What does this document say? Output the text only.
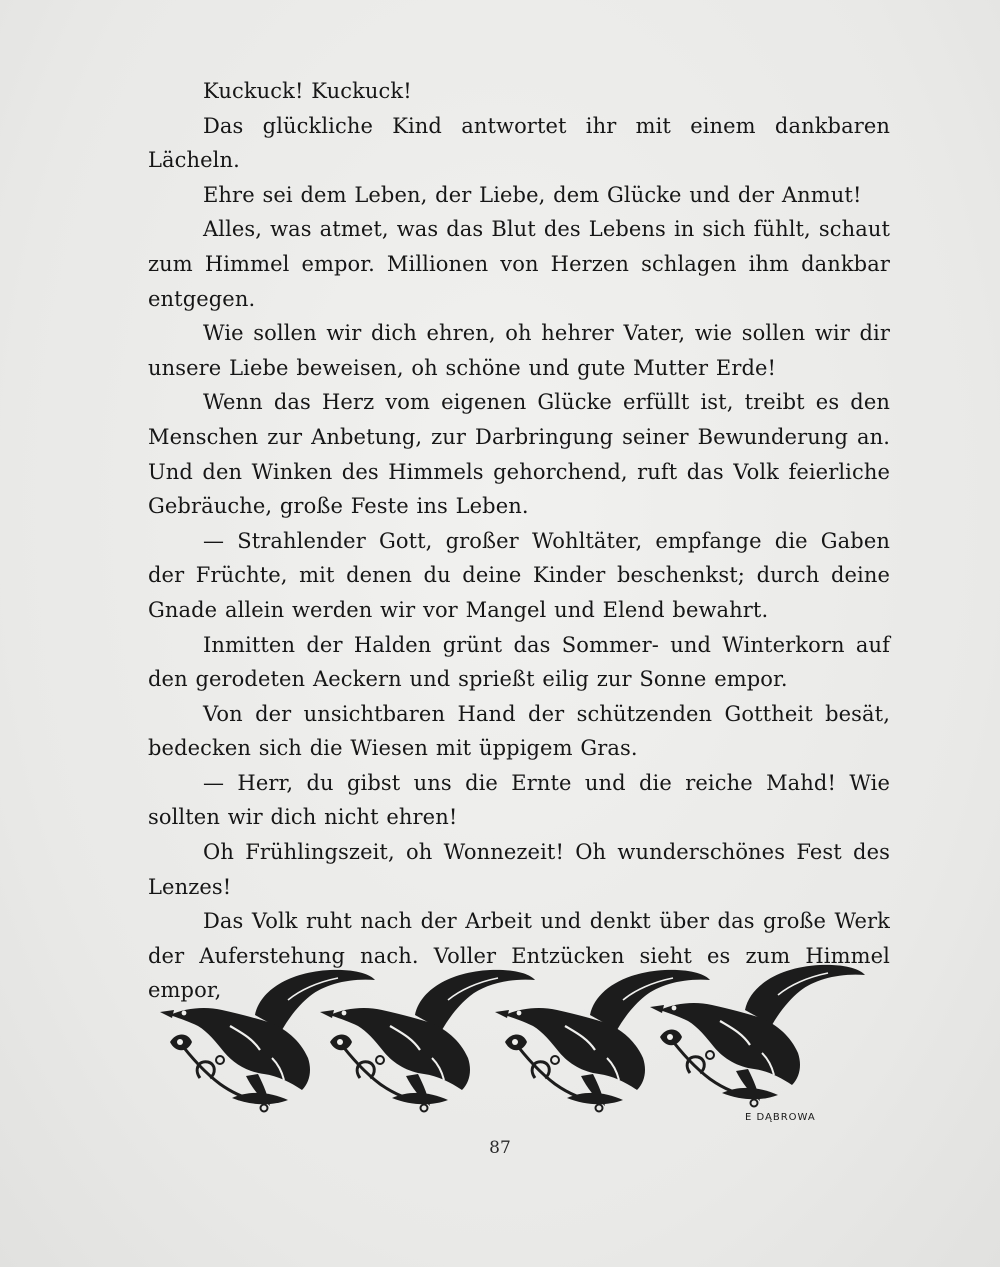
Kuckuck! Kuckuck!

Das glückliche Kind antwortet ihr mit einem dankbaren Lächeln.

Ehre sei dem Leben, der Liebe, dem Glücke und der Anmut!

Alles, was atmet, was das Blut des Lebens in sich fühlt, schaut zum Himmel empor. Millionen von Herzen schlagen ihm dankbar entgegen.

Wie sollen wir dich ehren, oh hehrer Vater, wie sollen wir dir unsere Liebe beweisen, oh schöne und gute Mutter Erde!

Wenn das Herz vom eigenen Glücke erfüllt ist, treibt es den Menschen zur Anbetung, zur Darbringung seiner Bewunderung an. Und den Winken des Himmels gehorchend, ruft das Volk feierliche Gebräuche, große Feste ins Leben.

— Strahlender Gott, großer Wohltäter, empfange die Gaben der Früchte, mit denen du deine Kinder beschenkst; durch deine Gnade allein werden wir vor Mangel und Elend bewahrt.

Inmitten der Halden grünt das Sommer- und Winterkorn auf den gerodeten Aeckern und sprießt eilig zur Sonne empor.

Von der unsichtbaren Hand der schützenden Gottheit besät, bedecken sich die Wiesen mit üppigem Gras.

— Herr, du gibst uns die Ernte und die reiche Mahd! Wie sollten wir dich nicht ehren!

Oh Frühlingszeit, oh Wonnezeit! Oh wunderschönes Fest des Lenzes!

Das Volk ruht nach der Arbeit und denkt über das große Werk der Auferstehung nach. Voller Entzücken sieht es zum Himmel empor,

E DĄBROWA
87
